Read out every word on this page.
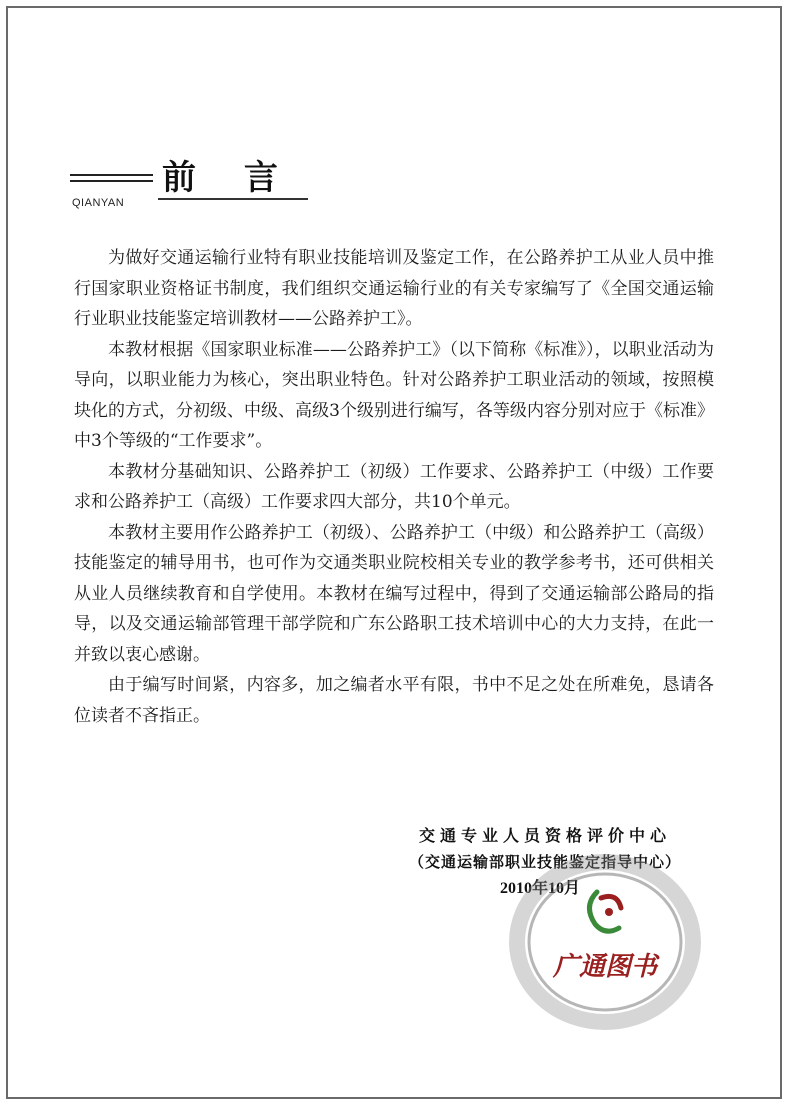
前 言
QIANYAN

为做好交通运输行业特有职业技能培训及鉴定工作，在公路养护工从业人员中推行国家职业资格证书制度，我们组织交通运输行业的有关专家编写了《全国交通运输行业职业技能鉴定培训教材——公路养护工》。

本教材根据《国家职业标准——公路养护工》（以下简称《标准》），以职业活动为导向，以职业能力为核心，突出职业特色。针对公路养护工职业活动的领域，按照模块化的方式，分初级、中级、高级3个级别进行编写，各等级内容分别对应于《标准》中3个等级的“工作要求”。

本教材分基础知识、公路养护工（初级）工作要求、公路养护工（中级）工作要求和公路养护工（高级）工作要求四大部分，共10个单元。

本教材主要用作公路养护工（初级）、公路养护工（中级）和公路养护工（高级）技能鉴定的辅导用书，也可作为交通类职业院校相关专业的教学参考书，还可供相关从业人员继续教育和自学使用。本教材在编写过程中，得到了交通运输部公路局的指导，以及交通运输部管理干部学院和广东公路职工技术培训中心的大力支持，在此一并致以衷心感谢。

由于编写时间紧，内容多，加之编者水平有限，书中不足之处在所难免，恳请各位读者不吝指正。

交通专业人员资格评价中心
（交通运输部职业技能鉴定指导中心）
2010年10月
广通图书
